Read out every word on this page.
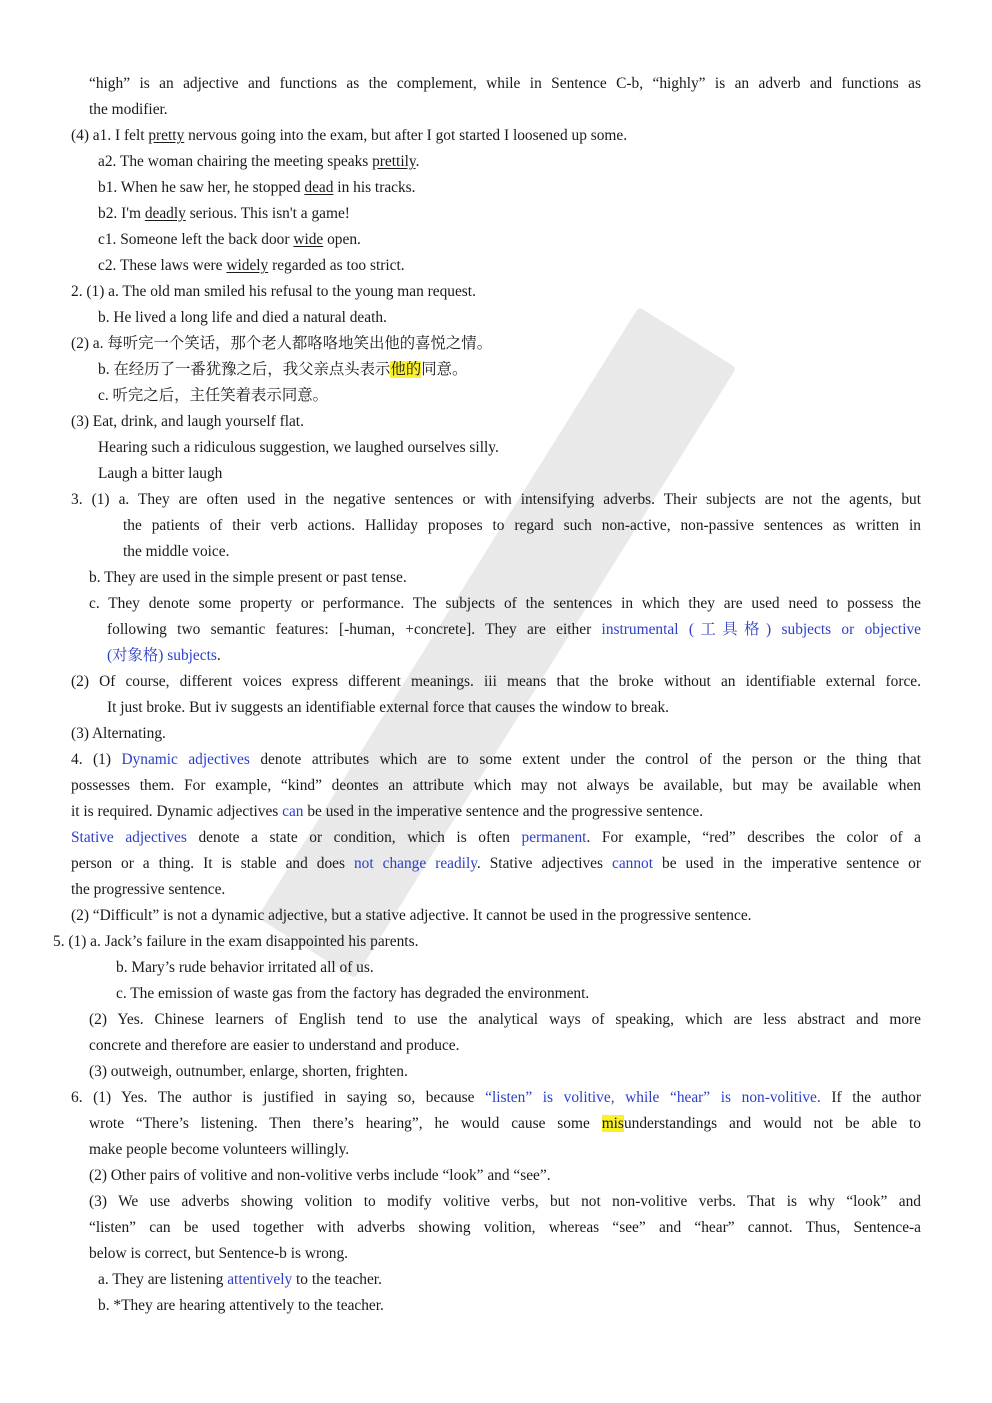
“high” is an adjective and functions as the complement, while in Sentence C-b, “highly” is an adverb and functions as
the modifier.
(4) a1. I felt pretty nervous going into the exam, but after I got started I loosened up some.
a2. The woman chairing the meeting speaks prettily.
b1. When he saw her, he stopped dead in his tracks.
b2. I'm deadly serious. This isn't a game!
c1. Someone left the back door wide open.
c2. These laws were widely regarded as too strict.
2. (1) a. The old man smiled his refusal to the young man request.
b. He lived a long life and died a natural death.
(2) a. 每听完一个笑话，那个老人都咯咯地笑出他的喜悦之情。
b. 在经历了一番犹豫之后，我父亲点头表示他的同意。
c. 听完之后，主任笑着表示同意。
(3) Eat, drink, and laugh yourself flat.
Hearing such a ridiculous suggestion, we laughed ourselves silly.
Laugh a bitter laugh
3. (1) a. They are often used in the negative sentences or with intensifying adverbs. Their subjects are not the agents, but
the patients of their verb actions. Halliday proposes to regard such non-active, non-passive sentences as written in
the middle voice.
b. They are used in the simple present or past tense.
c. They denote some property or performance. The subjects of the sentences in which they are used need to possess the
following two semantic features: [-human, +concrete]. They are either instrumental (工具格) subjects or objective
(对象格) subjects.
(2) Of course, different voices express different meanings. iii means that the broke without an identifiable external force.
It just broke. But iv suggests an identifiable external force that causes the window to break.
(3) Alternating.
4. (1) Dynamic adjectives denote attributes which are to some extent under the control of the person or the thing that
possesses them. For example, “kind” deontes an attribute which may not always be available, but may be available when
it is required. Dynamic adjectives can be used in the imperative sentence and the progressive sentence.
Stative adjectives denote a state or condition, which is often permanent. For example, “red” describes the color of a
person or a thing. It is stable and does not change readily. Stative adjectives cannot be used in the imperative sentence or
the progressive sentence.
(2) “Difficult” is not a dynamic adjective, but a stative adjective. It cannot be used in the progressive sentence.
5. (1) a. Jack’s failure in the exam disappointed his parents.
b. Mary’s rude behavior irritated all of us.
c. The emission of waste gas from the factory has degraded the environment.
(2) Yes. Chinese learners of English tend to use the analytical ways of speaking, which are less abstract and more
concrete and therefore are easier to understand and produce.
(3) outweigh, outnumber, enlarge, shorten, frighten.
6. (1) Yes. The author is justified in saying so, because “listen” is volitive, while “hear” is non-volitive. If the author
wrote “There’s listening. Then there’s hearing”, he would cause some misunderstandings and would not be able to
make people become volunteers willingly.
(2) Other pairs of volitive and non-volitive verbs include “look” and “see”.
(3) We use adverbs showing volition to modify volitive verbs, but not non-volitive verbs. That is why “look” and
“listen” can be used together with adverbs showing volition, whereas “see” and “hear” cannot. Thus, Sentence-a
below is correct, but Sentence-b is wrong.
a. They are listening attentively to the teacher.
b. *They are hearing attentively to the teacher.
